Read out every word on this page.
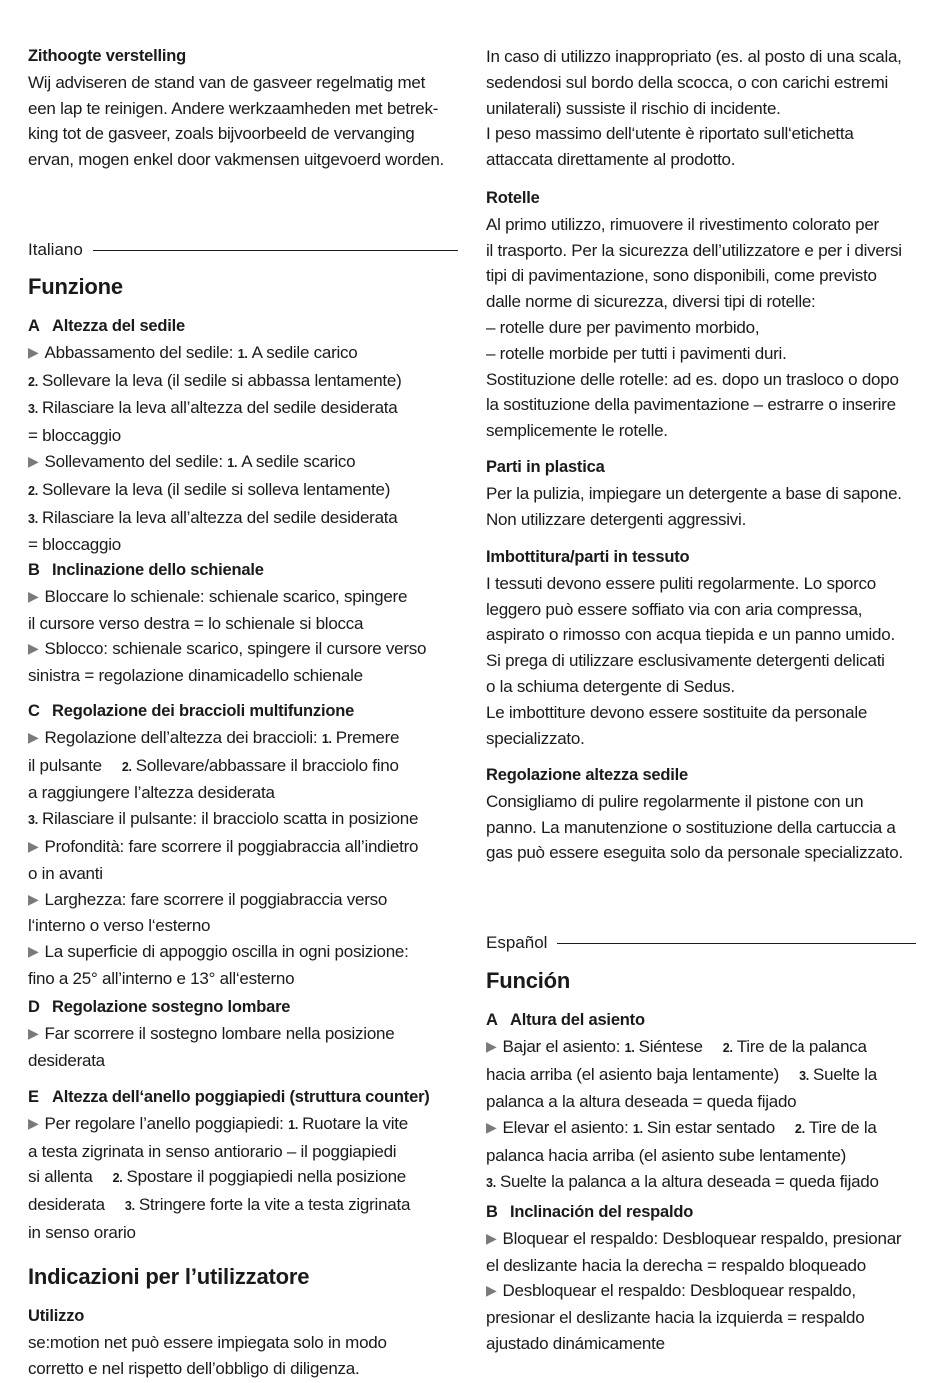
Zithoogte verstelling

Wij adviseren de stand van de gasveer regelmatig met

een lap te reinigen. Andere werkzaamheden met betrek-

king tot de gasveer, zoals bijvoorbeeld de vervanging

ervan, mogen enkel door vakmensen uitgevoerd worden.

Italiano

Funzione

A Altezza del sedile

▶ Abbassamento del sedile: 1. A sedile carico

2. Sollevare la leva (il sedile si abbassa lentamente)

3. Rilasciare la leva all’altezza del sedile desiderata

= bloccaggio

▶ Sollevamento del sedile: 1. A sedile scarico

2. Sollevare la leva (il sedile si solleva lentamente)

3. Rilasciare la leva all’altezza del sedile desiderata

= bloccaggio

B Inclinazione dello schienale

▶ Bloccare lo schienale: schienale scarico, spingere

il cursore verso destra = lo schienale si blocca

▶ Sblocco: schienale scarico, spingere il cursore verso

sinistra = regolazione dinamicadello schienale

C Regolazione dei braccioli multifunzione

▶ Regolazione dell’altezza dei braccioli: 1. Premere

il pulsante 2. Sollevare/abbassare il bracciolo fino

a raggiungere l’altezza desiderata

3. Rilasciare il pulsante: il bracciolo scatta in posizione

▶ Profondità: fare scorrere il poggiabraccia all’indietro

o in avanti

▶ Larghezza: fare scorrere il poggiabraccia verso

l‘interno o verso l‘esterno

▶ La superficie di appoggio oscilla in ogni posizione:

fino a 25° all’interno e 13° all‘esterno

D Regolazione sostegno lombare

▶ Far scorrere il sostegno lombare nella posizione

desiderata

E Altezza dell‘anello poggiapiedi (struttura counter)

▶ Per regolare l’anello poggiapiedi: 1. Ruotare la vite

a testa zigrinata in senso antiorario – il poggiapiedi

si allenta 2. Spostare il poggiapiedi nella posizione

desiderata 3. Stringere forte la vite a testa zigrinata

in senso orario

Indicazioni per l’utilizzatore

Utilizzo

se:motion net può essere impiegata solo in modo

corretto e nel rispetto dell’obbligo di diligenza.

In caso di utilizzo inappropriato (es. al posto di una scala,

sedendosi sul bordo della scocca, o con carichi estremi

unilaterali) sussiste il rischio di incidente.

I peso massimo dell‘utente è riportato sull‘etichetta

attaccata direttamente al prodotto.

Rotelle

Al primo utilizzo, rimuovere il rivestimento colorato per

il trasporto. Per la sicurezza dell’utilizzatore e per i diversi

tipi di pavimentazione, sono disponibili, come previsto

dalle norme di sicurezza, diversi tipi di rotelle:

– rotelle dure per pavimento morbido,

– rotelle morbide per tutti i pavimenti duri.

Sostituzione delle rotelle: ad es. dopo un trasloco o dopo

la sostituzione della pavimentazione – estrarre o inserire

semplicemente le rotelle.

Parti in plastica

Per la pulizia, impiegare un detergente a base di sapone.

Non utilizzare detergenti aggressivi.

Imbottitura/parti in tessuto

I tessuti devono essere puliti regolarmente. Lo sporco

leggero può essere soffiato via con aria compressa,

aspirato o rimosso con acqua tiepida e un panno umido.

Si prega di utilizzare esclusivamente detergenti delicati

o la schiuma detergente di Sedus.

Le imbottiture devono essere sostituite da personale

specializzato.

Regolazione altezza sedile

Consigliamo di pulire regolarmente il pistone con un

panno. La manutenzione o sostituzione della cartuccia a

gas può essere eseguita solo da personale specializzato.

Español

Función

A Altura del asiento

▶ Bajar el asiento: 1. Siéntese 2. Tire de la palanca

hacia arriba (el asiento baja lentamente) 3. Suelte la

palanca a la altura deseada = queda fijado

▶ Elevar el asiento: 1. Sin estar sentado 2. Tire de la

palanca hacia arriba (el asiento sube lentamente)

3. Suelte la palanca a la altura deseada = queda fijado

B Inclinación del respaldo

▶ Bloquear el respaldo: Desbloquear respaldo, presionar

el deslizante hacia la derecha = respaldo bloqueado

▶ Desbloquear el respaldo: Desbloquear respaldo,

presionar el deslizante hacia la izquierda = respaldo

ajustado dinámicamente
